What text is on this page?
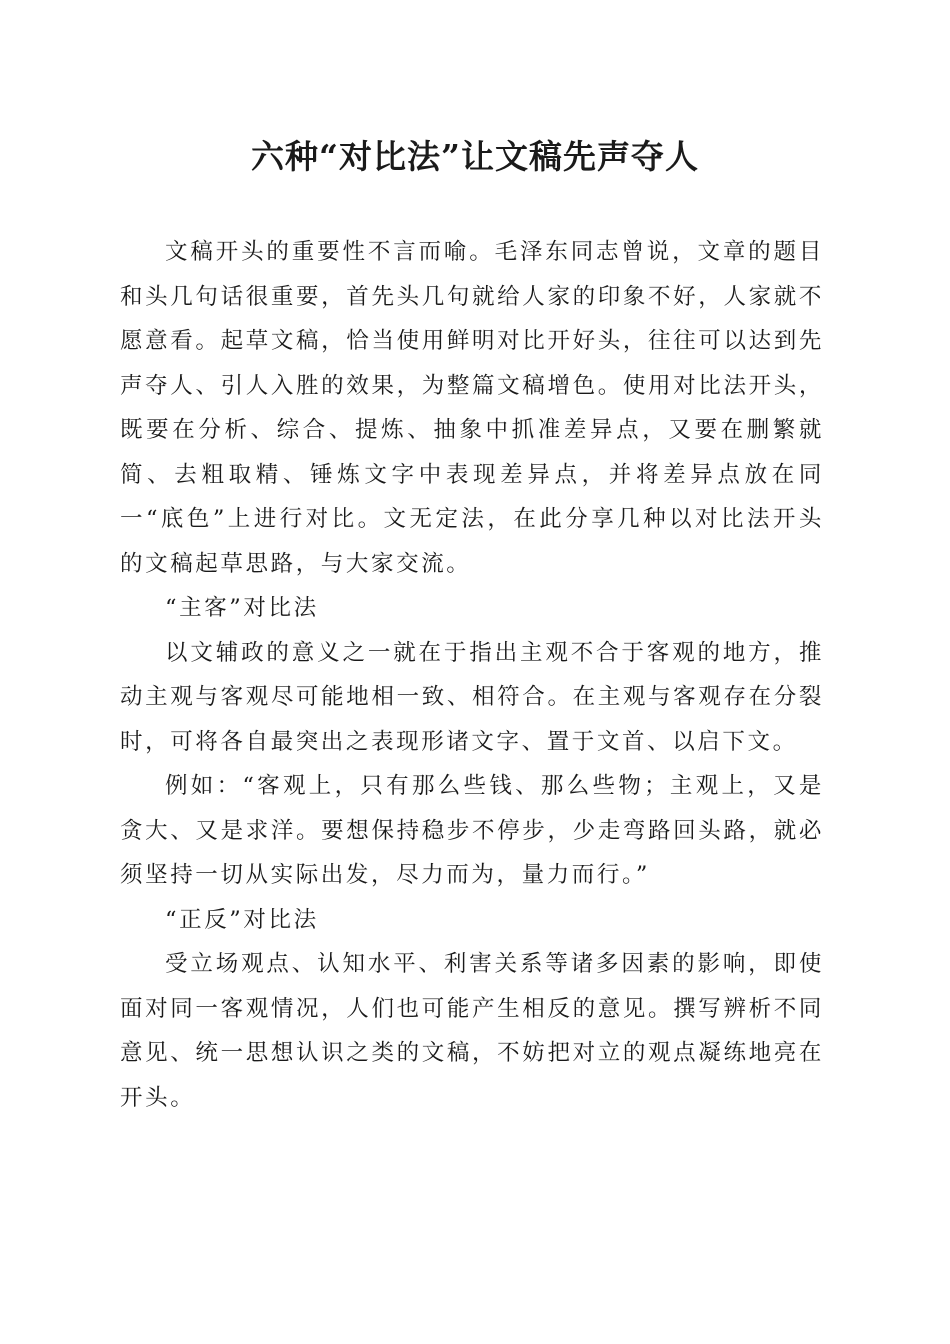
六种“对比法”让文稿先声夺人

文稿开头的重要性不言而喻。毛泽东同志曾说，文章的题目和头几句话很重要，首先头几句就给人家的印象不好，人家就不愿意看。起草文稿，恰当使用鲜明对比开好头，往往可以达到先声夺人、引人入胜的效果，为整篇文稿增色。使用对比法开头，既要在分析、综合、提炼、抽象中抓准差异点，又要在删繁就简、去粗取精、锤炼文字中表现差异点，并将差异点放在同一“底色”上进行对比。文无定法，在此分享几种以对比法开头的文稿起草思路，与大家交流。

“主客”对比法

以文辅政的意义之一就在于指出主观不合于客观的地方，推动主观与客观尽可能地相一致、相符合。在主观与客观存在分裂时，可将各自最突出之表现形诸文字、置于文首、以启下文。

例如：“客观上，只有那么些钱、那么些物；主观上，又是贪大、又是求洋。要想保持稳步不停步，少走弯路回头路，就必须坚持一切从实际出发，尽力而为，量力而行。”

“正反”对比法

受立场观点、认知水平、利害关系等诸多因素的影响，即使面对同一客观情况，人们也可能产生相反的意见。撰写辨析不同意见、统一思想认识之类的文稿，不妨把对立的观点凝练地亮在开头。
